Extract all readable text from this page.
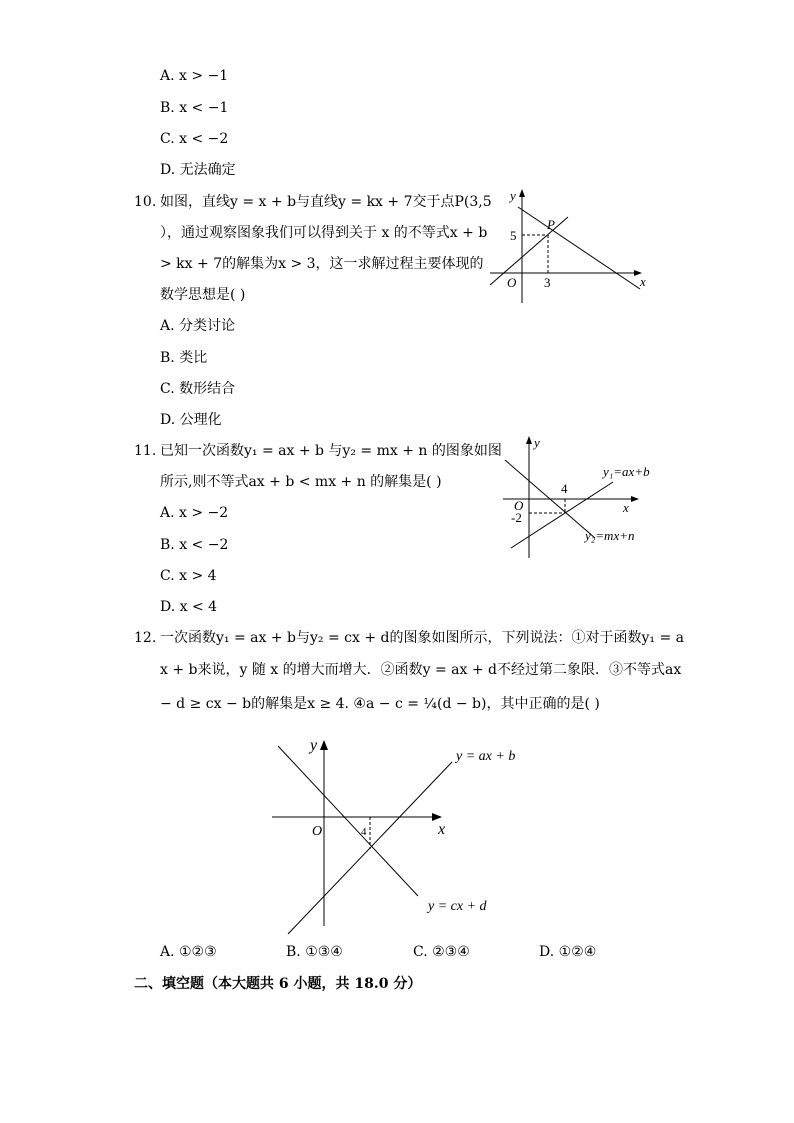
A. x > −1
B. x < −1
C. x < −2
D. 无法确定
10. 如图，直线y = x + b与直线y = kx + 7交于点P(3,5
），通过观察图象我们可以得到关于 x 的不等式x + b
> kx + 7的解集为x > 3，这一求解过程主要体现的
数学思想是( )
A. 分类讨论
B. 类比
C. 数形结合
D. 公理化
y
x
O
P
5
3
11. 已知一次函数y₁ = ax + b 与y₂ = mx + n 的图象如图
所示,则不等式ax + b < mx + n 的解集是( )
A. x > −2
B. x < −2
C. x > 4
D. x < 4
y
x
O
4
-2
y₁=ax+b
y₂=mx+n
12. 一次函数y₁ = ax + b与y₂ = cx + d的图象如图所示，下列说法：①对于函数y₁ = a
x + b来说，y 随 x 的增大而增大．②函数y = ax + d不经过第二象限．③不等式ax
− d ≥ cx − b的解集是x ≥ 4. ④a − c = ¼(d − b)，其中正确的是( )
y
x
O	4
y = ax + b
y = cx + d
A. ①②③	B. ①③④	C. ②③④	D. ①②④
二、填空题（本大题共 6 小题，共 18.0 分）
